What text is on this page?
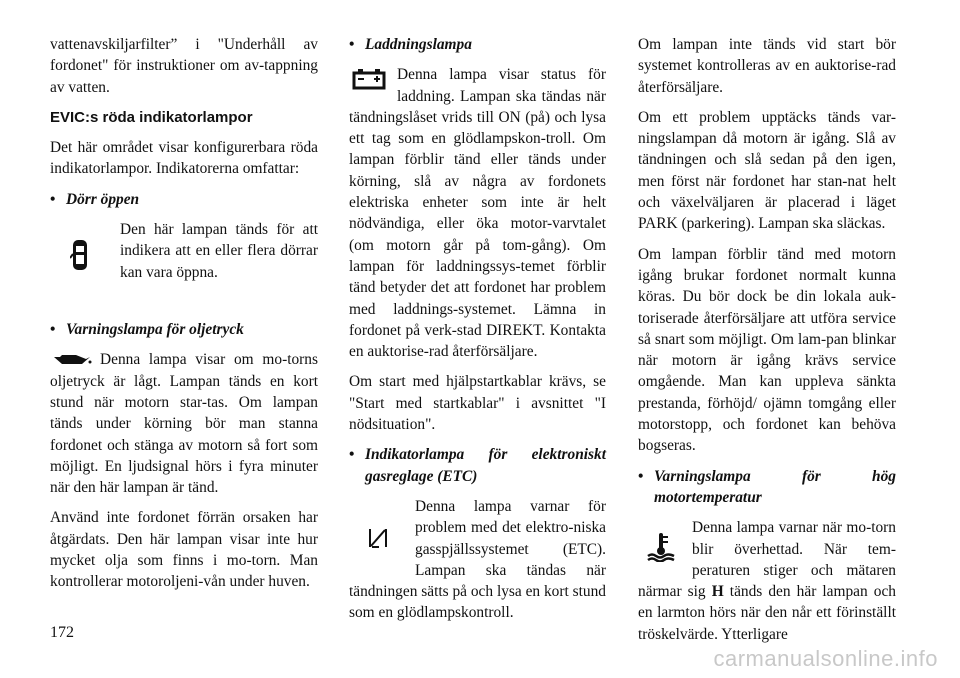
vattenavskiljarfilter” i "Underhåll av fordonet" för instruktioner om av-tappning av vatten.

EVIC:s röda indikatorlampor

Det här området visar konfigurerbara röda indikatorlampor. Indikatorerna omfattar:

• Dörr öppen

Den här lampan tänds för att indikera att en eller flera dörrar kan vara öppna.

• Varningslampa för oljetryck

Denna lampa visar om mo-torns oljetryck är lågt. Lampan tänds en kort stund när motorn star-tas. Om lampan tänds under körning bör man stanna fordonet och stänga av motorn så fort som möjligt. En ljudsignal hörs i fyra minuter när den här lampan är tänd.

Använd inte fordonet förrän orsaken har åtgärdats. Den här lampan visar inte hur mycket olja som finns i mo-torn. Man kontrollerar motoroljeni-vån under huven.

• Laddningslampa

Denna lampa visar status för laddning. Lampan ska tändas när tändningslåset vrids till ON (på) och lysa ett tag som en glödlampskon-troll. Om lampan förblir tänd eller tänds under körning, slå av några av fordonets elektriska enheter som inte är helt nödvändiga, eller öka motor-varvtalet (om motorn går på tom-gång). Om lampan för laddningssys-temet förblir tänd betyder det att fordonet har problem med laddnings-systemet. Lämna in fordonet på verk-stad DIREKT. Kontakta en auktorise-rad återförsäljare.

Om start med hjälpstartkablar krävs, se "Start med startkablar" i avsnittet "I nödsituation".

• Indikatorlampa för elektroniskt gasreglage (ETC)

Denna lampa varnar för problem med det elektro-niska gasspjällssystemet (ETC). Lampan ska tändas när tändningen sätts på och lysa en kort stund som en glödlampskontroll.

Om lampan inte tänds vid start bör systemet kontrolleras av en auktorise-rad återförsäljare.

Om ett problem upptäcks tänds var-ningslampan då motorn är igång. Slå av tändningen och slå sedan på den igen, men först när fordonet har stan-nat helt och växelväljaren är placerad i läget PARK (parkering). Lampan ska släckas.

Om lampan förblir tänd med motorn igång brukar fordonet normalt kunna köras. Du bör dock be din lokala auk-toriserade återförsäljare att utföra service så snart som möjligt. Om lam-pan blinkar när motorn är igång krävs service omgående. Man kan uppleva sänkta prestanda, förhöjd/ ojämn tomgång eller motorstopp, och fordonet kan behöva bogseras.

• Varningslampa för hög motortemperatur

Denna lampa varnar när mo-torn blir överhettad. När tem-peraturen stiger och mätaren närmar sig H tänds den här lampan och en larmton hörs när den når ett förinställt tröskelvärde. Ytterligare

172
carmanualsonline.info
